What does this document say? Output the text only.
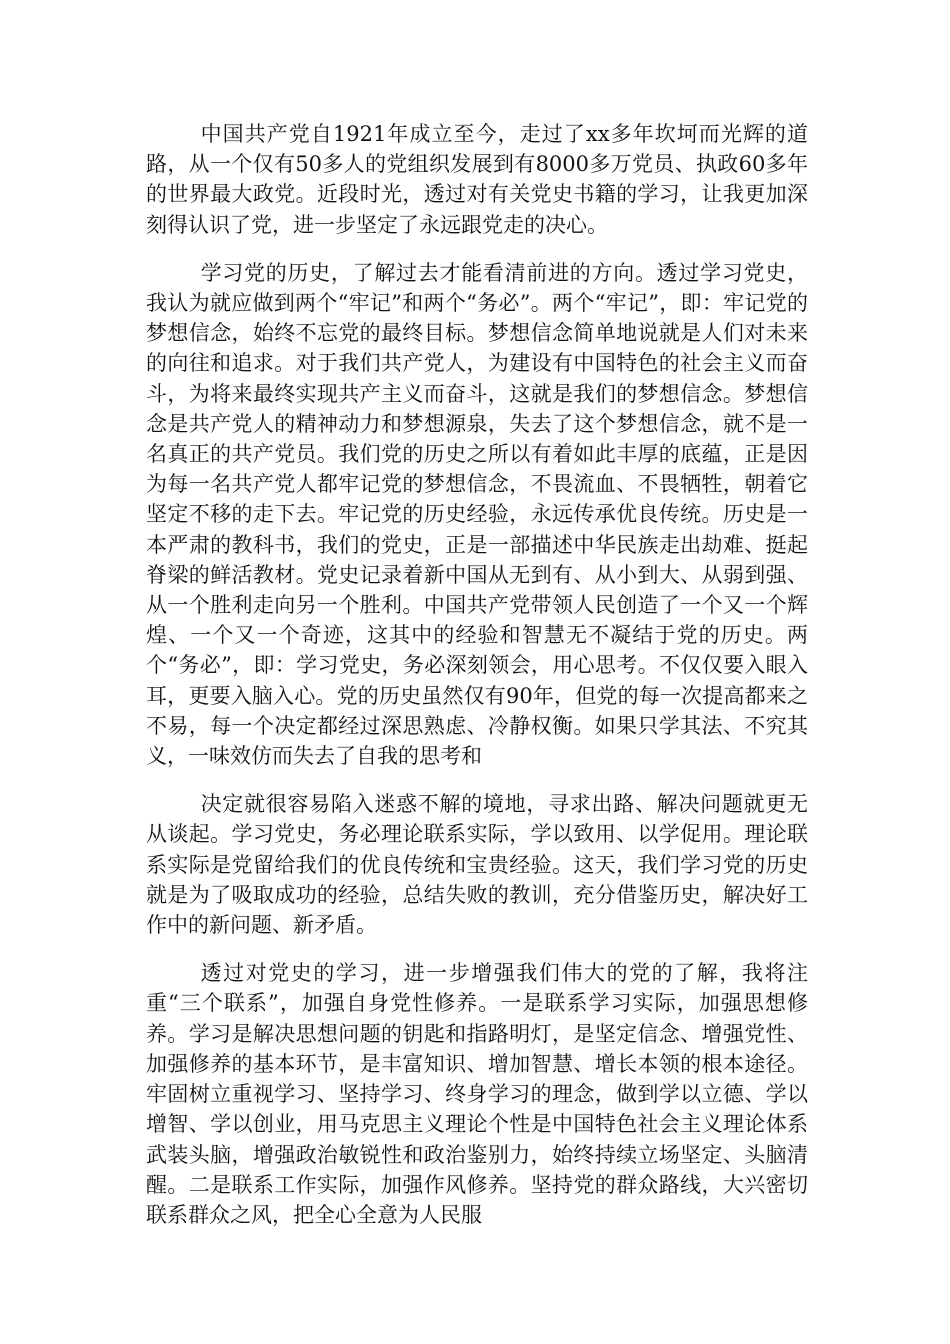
中国共产党自1921年成立至今，走过了xx多年坎坷而光辉的道路，从一个仅有50多人的党组织发展到有8000多万党员、执政60多年的世界最大政党。近段时光，透过对有关党史书籍的学习，让我更加深刻得认识了党，进一步坚定了永远跟党走的决心。

学习党的历史，了解过去才能看清前进的方向。透过学习党史，我认为就应做到两个“牢记”和两个“务必”。两个“牢记”，即：牢记党的梦想信念，始终不忘党的最终目标。梦想信念简单地说就是人们对未来的向往和追求。对于我们共产党人，为建设有中国特色的社会主义而奋斗，为将来最终实现共产主义而奋斗，这就是我们的梦想信念。梦想信念是共产党人的精神动力和梦想源泉，失去了这个梦想信念，就不是一名真正的共产党员。我们党的历史之所以有着如此丰厚的底蕴，正是因为每一名共产党人都牢记党的梦想信念，不畏流血、不畏牺牲，朝着它坚定不移的走下去。牢记党的历史经验，永远传承优良传统。历史是一本严肃的教科书，我们的党史，正是一部描述中华民族走出劫难、挺起脊梁的鲜活教材。党史记录着新中国从无到有、从小到大、从弱到强、从一个胜利走向另一个胜利。中国共产党带领人民创造了一个又一个辉煌、一个又一个奇迹，这其中的经验和智慧无不凝结于党的历史。两个“务必”，即：学习党史，务必深刻领会，用心思考。不仅仅要入眼入耳，更要入脑入心。党的历史虽然仅有90年，但党的每一次提高都来之不易，每一个决定都经过深思熟虑、冷静权衡。如果只学其法、不究其义，一味效仿而失去了自我的思考和

决定就很容易陷入迷惑不解的境地，寻求出路、解决问题就更无从谈起。学习党史，务必理论联系实际，学以致用、以学促用。理论联系实际是党留给我们的优良传统和宝贵经验。这天，我们学习党的历史就是为了吸取成功的经验，总结失败的教训，充分借鉴历史，解决好工作中的新问题、新矛盾。

透过对党史的学习，进一步增强我们伟大的党的了解，我将注重“三个联系”，加强自身党性修养。一是联系学习实际，加强思想修养。学习是解决思想问题的钥匙和指路明灯，是坚定信念、增强党性、加强修养的基本环节，是丰富知识、增加智慧、增长本领的根本途径。牢固树立重视学习、坚持学习、终身学习的理念，做到学以立德、学以增智、学以创业，用马克思主义理论个性是中国特色社会主义理论体系武装头脑，增强政治敏锐性和政治鉴别力，始终持续立场坚定、头脑清醒。二是联系工作实际，加强作风修养。坚持党的群众路线，大兴密切联系群众之风，把全心全意为人民服
